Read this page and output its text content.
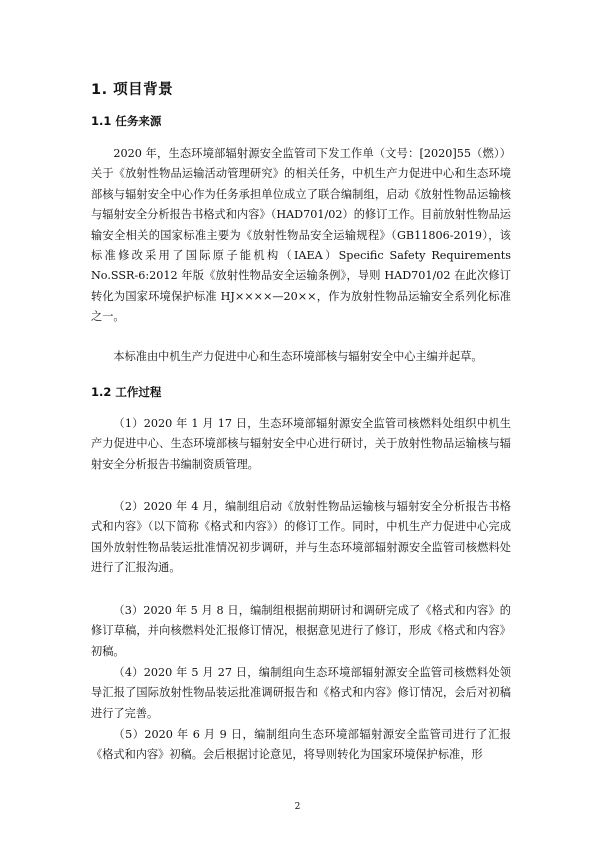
1. 项目背景
1.1 任务来源

2020 年，生态环境部辐射源安全监管司下发工作单（文号：[2020]55（燃））关于《放射性物品运输活动管理研究》的相关任务，中机生产力促进中心和生态环境部核与辐射安全中心作为任务承担单位成立了联合编制组，启动《放射性物品运输核与辐射安全分析报告书格式和内容》（HAD701/02）的修订工作。目前放射性物品运输安全相关的国家标准主要为《放射性物品安全运输规程》（GB11806-2019），该标准修改采用了国际原子能机构（IAEA）Specific Safety Requirements No.SSR-6:2012 年版《放射性物品安全运输条例》，导则 HAD701/02 在此次修订转化为国家环境保护标准 HJ××××—20××，作为放射性物品运输安全系列化标准之一。

本标准由中机生产力促进中心和生态环境部核与辐射安全中心主编并起草。

1.2 工作过程

（1）2020 年 1 月 17 日，生态环境部辐射源安全监管司核燃料处组织中机生产力促进中心、生态环境部核与辐射安全中心进行研讨，关于放射性物品运输核与辐射安全分析报告书编制资质管理。

（2）2020 年 4 月，编制组启动《放射性物品运输核与辐射安全分析报告书格式和内容》（以下简称《格式和内容》）的修订工作。同时，中机生产力促进中心完成国外放射性物品装运批准情况初步调研，并与生态环境部辐射源安全监管司核燃料处进行了汇报沟通。

（3）2020 年 5 月 8 日，编制组根据前期研讨和调研完成了《格式和内容》的修订草稿，并向核燃料处汇报修订情况，根据意见进行了修订，形成《格式和内容》初稿。

（4）2020 年 5 月 27 日，编制组向生态环境部辐射源安全监管司核燃料处领导汇报了国际放射性物品装运批准调研报告和《格式和内容》修订情况，会后对初稿进行了完善。

（5）2020 年 6 月 9 日，编制组向生态环境部辐射源安全监管司进行了汇报《格式和内容》初稿。会后根据讨论意见，将导则转化为国家环境保护标准，形

2
